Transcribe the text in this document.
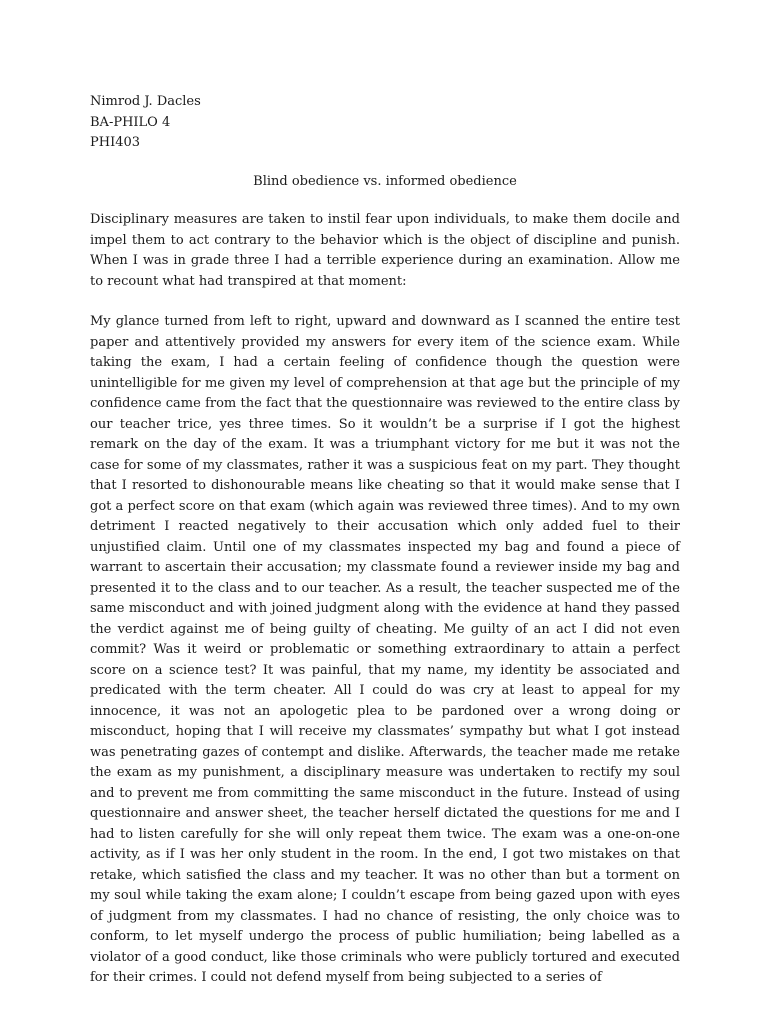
Nimrod J. Dacles
BA-PHILO 4
PHI403
Blind obedience vs. informed obedience

Disciplinary measures are taken to instil fear upon individuals, to make them docile and impel them to act contrary to the behavior which is the object of discipline and punish. When I was in grade three I had a terrible experience during an examination. Allow me to recount what had transpired at that moment:

My glance turned from left to right, upward and downward as I scanned the entire test paper and attentively provided my answers for every item of the science exam. While taking the exam, I had a certain feeling of confidence though the question were unintelligible for me given my level of comprehension at that age but the principle of my confidence came from the fact that the questionnaire was reviewed to the entire class by our teacher trice, yes three times. So it wouldn’t be a surprise if I got the highest remark on the day of the exam. It was a triumphant victory for me but it was not the case for some of my classmates, rather it was a suspicious feat on my part. They thought that I resorted to dishonourable means like cheating so that it would make sense that I got a perfect score on that exam (which again was reviewed three times). And to my own detriment I reacted negatively to their accusation which only added fuel to their unjustified claim. Until one of my classmates inspected my bag and found a piece of warrant to ascertain their accusation; my classmate found a reviewer inside my bag and presented it to the class and to our teacher. As a result, the teacher suspected me of the same misconduct and with joined judgment along with the evidence at hand they passed the verdict against me of being guilty of cheating. Me guilty of an act I did not even commit? Was it weird or problematic or something extraordinary to attain a perfect score on a science test? It was painful, that my name, my identity be associated and predicated with the term cheater. All I could do was cry at least to appeal for my innocence, it was not an apologetic plea to be pardoned over a wrong doing or misconduct, hoping that I will receive my classmates’ sympathy but what I got instead was penetrating gazes of contempt and dislike. Afterwards, the teacher made me retake the exam as my punishment, a disciplinary measure was undertaken to rectify my soul and to prevent me from committing the same misconduct in the future. Instead of using questionnaire and answer sheet, the teacher herself dictated the questions for me and I had to listen carefully for she will only repeat them twice. The exam was a one-on-one activity, as if I was her only student in the room. In the end, I got two mistakes on that retake, which satisfied the class and my teacher. It was no other than but a torment on my soul while taking the exam alone; I couldn’t escape from being gazed upon with eyes of judgment from my classmates. I had no chance of resisting, the only choice was to conform, to let myself undergo the process of public humiliation; being labelled as a violator of a good conduct, like those criminals who were publicly tortured and executed for their crimes. I could not defend myself from being subjected to a series of
